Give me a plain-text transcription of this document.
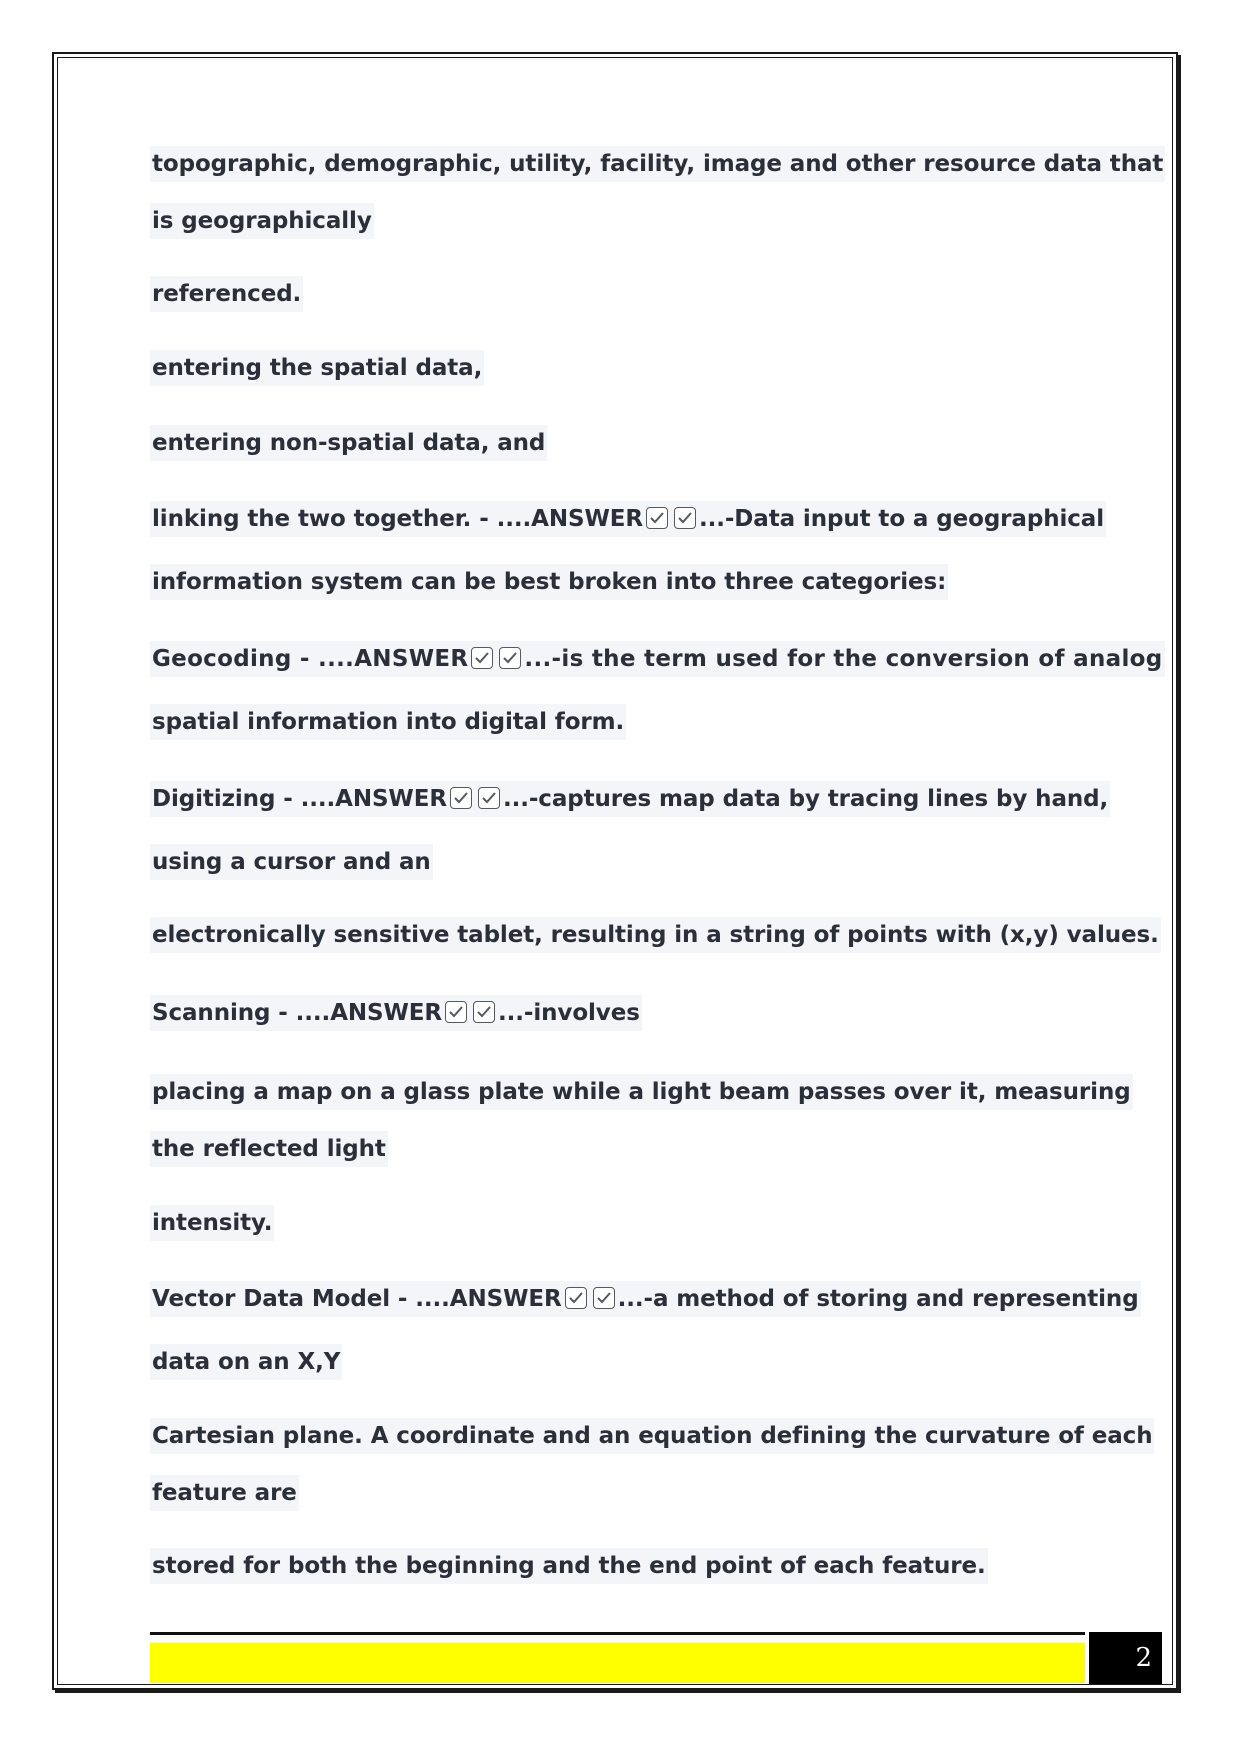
topographic, demographic, utility, facility, image and other resource data that
is geographically
referenced.
entering the spatial data,
entering non-spatial data, and
linking the two together. - ....ANSWER ...-Data input to a geographical
information system can be best broken into three categories:
Geocoding - ....ANSWER ...-is the term used for the conversion of analog
spatial information into digital form.
Digitizing - ....ANSWER ...-captures map data by tracing lines by hand,
using a cursor and an
electronically sensitive tablet, resulting in a string of points with (x,y) values.
Scanning - ....ANSWER ...-involves
placing a map on a glass plate while a light beam passes over it, measuring
the reflected light
intensity.
Vector Data Model - ....ANSWER ...-a method of storing and representing
data on an X,Y
Cartesian plane. A coordinate and an equation defining the curvature of each
feature are
stored for both the beginning and the end point of each feature.
2
